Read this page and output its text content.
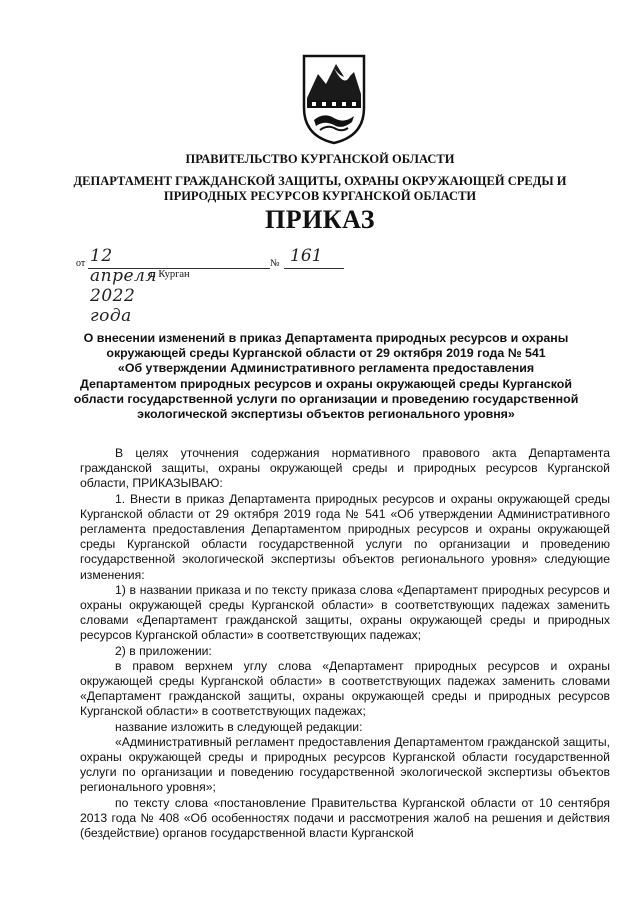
ПРАВИТЕЛЬСТВО КУРГАНСКОЙ ОБЛАСТИ
ДЕПАРТАМЕНТ ГРАЖДАНСКОЙ ЗАЩИТЫ, ОХРАНЫ ОКРУЖАЮЩЕЙ СРЕДЫ И
ПРИРОДНЫХ РЕСУРСОВ КУРГАНСКОЙ ОБЛАСТИ
ПРИКАЗ
от 12 апреля 2022 года
№ 161
г. Курган
О внесении изменений в приказ Департамента природных ресурсов и охраны
окружающей среды Курганской области от 29 октября 2019 года № 541
«Об утверждении Административного регламента предоставления
Департаментом природных ресурсов и охраны окружающей среды Курганской
области государственной услуги по организации и проведению государственной
экологической экспертизы объектов регионального уровня»

В целях уточнения содержания нормативного правового акта Департамента гражданской защиты, охраны окружающей среды и природных ресурсов Курганской области, ПРИКАЗЫВАЮ:

1. Внести в приказ Департамента природных ресурсов и охраны окружающей среды Курганской области от 29 октября 2019 года № 541 «Об утверждении Административного регламента предоставления Департаментом природных ресурсов и охраны окружающей среды Курганской области государственной услуги по организации и проведению государственной экологической экспертизы объектов регионального уровня» следующие изменения:

1) в названии приказа и по тексту приказа слова «Департамент природных ресурсов и охраны окружающей среды Курганской области» в соответствующих падежах заменить словами «Департамент гражданской защиты, охраны окружающей среды и природных ресурсов Курганской области» в соответствующих падежах;

2) в приложении:

в правом верхнем углу слова «Департамент природных ресурсов и охраны окружающей среды Курганской области» в соответствующих падежах заменить словами «Департамент гражданской защиты, охраны окружающей среды и природных ресурсов Курганской области» в соответствующих падежах;

название изложить в следующей редакции:

«Административный регламент предоставления Департаментом гражданской защиты, охраны окружающей среды и природных ресурсов Курганской области государственной услуги по организации и поведению государственной экологической экспертизы объектов регионального уровня»;

по тексту слова «постановление Правительства Курганской области от 10 сентября 2013 года № 408 «Об особенностях подачи и рассмотрения жалоб на решения и действия (бездействие) органов государственной власти Курганской
